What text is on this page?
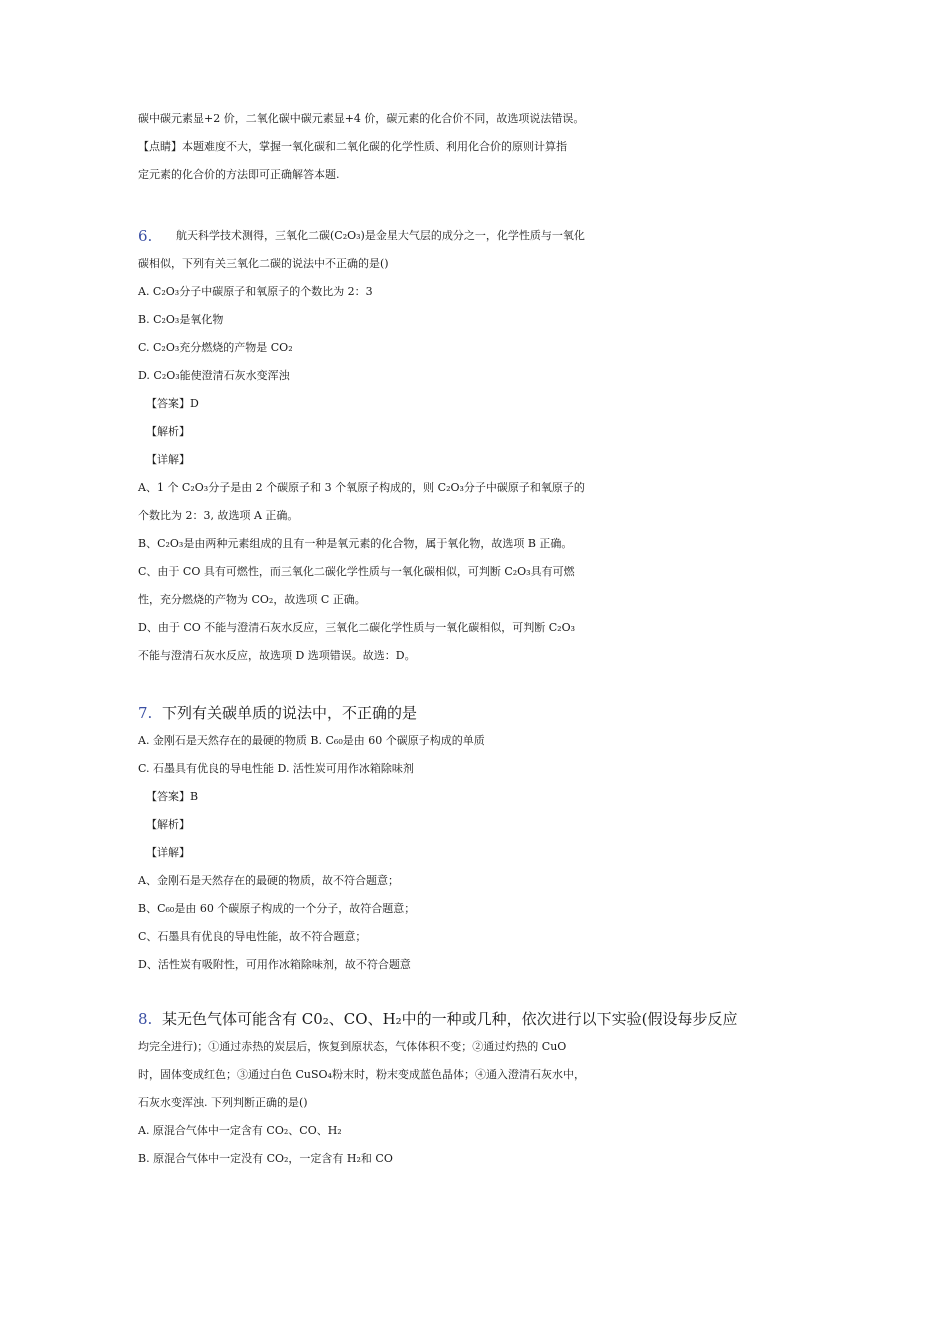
碳中碳元素显+2 价，二氧化碳中碳元素显+4 价，碳元素的化合价不同，故选项说法错误。
【点睛】本题难度不大，掌握一氧化碳和二氧化碳的化学性质、利用化合价的原则计算指
定元素的化合价的方法即可正确解答本题.
6.	航天科学技术测得，三氧化二碳(C₂O₃)是金星大气层的成分之一，化学性质与一氧化
碳相似，下列有关三氧化二碳的说法中不正确的是()
A. C₂O₃分子中碳原子和氧原子的个数比为 2：3
B. C₂O₃是氧化物
C. C₂O₃充分燃烧的产物是 CO₂
D. C₂O₃能使澄清石灰水变浑浊
【答案】D
【解析】
【详解】
A、1 个 C₂O₃分子是由 2 个碳原子和 3 个氧原子构成的，则 C₂O₃分子中碳原子和氧原子的
个数比为 2：3, 故选项 A 正确。
B、C₂O₃是由两种元素组成的且有一种是氧元素的化合物，属于氧化物，故选项 B 正确。
C、由于 CO 具有可燃性，而三氧化二碳化学性质与一氧化碳相似，可判断 C₂O₃具有可燃
性，充分燃烧的产物为 CO₂，故选项 C 正确。
D、由于 CO 不能与澄清石灰水反应，三氧化二碳化学性质与一氧化碳相似，可判断 C₂O₃
不能与澄清石灰水反应，故选项 D 选项错误。故选：D。
7. 下列有关碳单质的说法中，不正确的是
A. 金刚石是天然存在的最硬的物质 B. C₆₀是由 60 个碳原子构成的单质
C. 石墨具有优良的导电性能 D. 活性炭可用作冰箱除味剂
【答案】B
【解析】
【详解】
A、金刚石是天然存在的最硬的物质，故不符合题意；
B、C₆₀是由 60 个碳原子构成的一个分子，故符合题意；
C、石墨具有优良的导电性能，故不符合题意；
D、活性炭有吸附性，可用作冰箱除味剂，故不符合题意
8. 某无色气体可能含有 C0₂、CO、H₂中的一种或几种，依次进行以下实验(假设每步反应
均完全进行)；①通过赤热的炭层后，恢复到原状态，气体体积不变；②通过灼热的 CuO
时，固体变成红色；③通过白色 CuSO₄粉末时，粉末变成蓝色晶体；④通入澄清石灰水中，
石灰水变浑浊. 下列判断正确的是()
A. 原混合气体中一定含有 CO₂、CO、H₂
B. 原混合气体中一定没有 CO₂，一定含有 H₂和 CO
